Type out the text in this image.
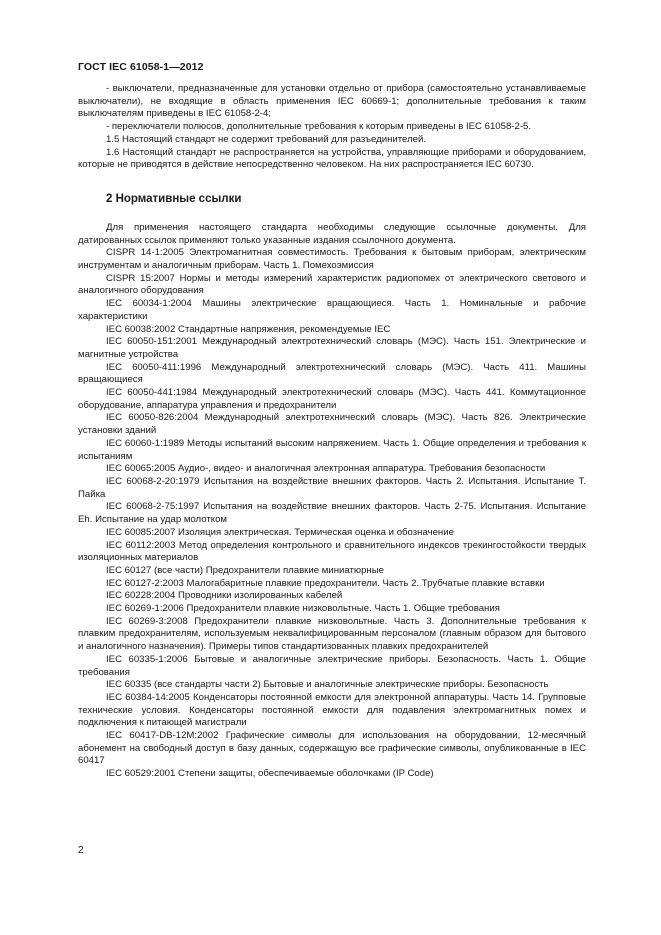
ГОСТ IEC 61058-1—2012

- выключатели, предназначенные для установки отдельно от прибора (самостоятельно устанавливаемые выключатели), не входящие в область применения IEC 60669-1; дополнительные требования к таким выключателям приведены в IEC 61058-2-4;

- переключатели полюсов, дополнительные требования к которым приведены в IEC 61058-2-5.

1.5 Настоящий стандарт не содержит требований для разъединителей.

1.6 Настоящий стандарт не распространяется на устройства, управляющие приборами и оборудованием, которые не приводятся в действие непосредственно человеком. На них распространяется IEC 60730.

2 Нормативные ссылки

Для применения настоящего стандарта необходимы следующие ссылочные документы. Для датированных ссылок применяют только указанные издания ссылочного документа.

CISPR 14-1:2005 Электромагнитная совместимость. Требования к бытовым приборам, электрическим инструментам и аналогичным приборам. Часть 1. Помехоэмиссия

CISPR 15:2007 Нормы и методы измерений характеристик радиопомех от электрического светового и аналогичного оборудования

IEC 60034-1:2004 Машины электрические вращающиеся. Часть 1. Номинальные и рабочие характеристики

IEC 60038:2002 Стандартные напряжения, рекомендуемые IEC

IEC 60050-151:2001 Международный электротехнический словарь (МЭС). Часть 151. Электрические и магнитные устройства

IEC 60050-411:1996 Международный электротехнический словарь (МЭС). Часть 411. Машины вращающиеся

IEC 60050-441:1984 Международный электротехнический словарь (МЭС). Часть 441. Коммутационное оборудование, аппаратура управления и предохранители

IEC 60050-826:2004 Международный электротехнический словарь (МЭС). Часть 826. Электрические установки зданий

IEC 60060-1:1989 Методы испытаний высоким напряжением. Часть 1. Общие определения и требования к испытаниям

IEC 60065:2005 Аудио-, видео- и аналогичная электронная аппаратура. Требования безопасности

IEC 60068-2-20:1979 Испытания на воздействие внешних факторов. Часть 2. Испытания. Испытание Т. Пайка

IEC 60068-2-75:1997 Испытания на воздействие внешних факторов. Часть 2-75. Испытания. Испытание Eh. Испытание на удар молотком

IEC 60085:2007 Изоляция электрическая. Термическая оценка и обозначение

IEC 60112:2003 Метод определения контрольного и сравнительного индексов трекингостойкости твердых изоляционных материалов

IEC 60127 (все части) Предохранители плавкие миниатюрные

IEC 60127-2:2003 Малогабаритные плавкие предохранители. Часть 2. Трубчатые плавкие вставки

IEC 60228:2004 Проводники изолированных кабелей

IEC 60269-1:2006 Предохранители плавкие низковольтные. Часть 1. Общие требования

IEC 60269-3:2008 Предохранители плавкие низковольтные. Часть 3. Дополнительные требования к плавким предохранителям, используемым неквалифицированным персоналом (главным образом для бытового и аналогичного назначения). Примеры типов стандартизованных плавких предохранителей

IEC 60335-1:2006 Бытовые и аналогичные электрические приборы. Безопасность. Часть 1. Общие требования

IEC 60335 (все стандарты части 2) Бытовые и аналогичные электрические приборы. Безопасность

IEC 60384-14:2005 Конденсаторы постоянной емкости для электронной аппаратуры. Часть 14. Групповые технические условия. Конденсаторы постоянной емкости для подавления электромагнитных помех и подключения к питающей магистрали

IEC 60417-DB-12M:2002 Графические символы для использования на оборудовании, 12-месячный абонемент на свободный доступ в базу данных, содержащую все графические символы, опубликованные в IEC 60417

IEC 60529:2001 Степени защиты, обеспечиваемые оболочками (IP Code)

2
